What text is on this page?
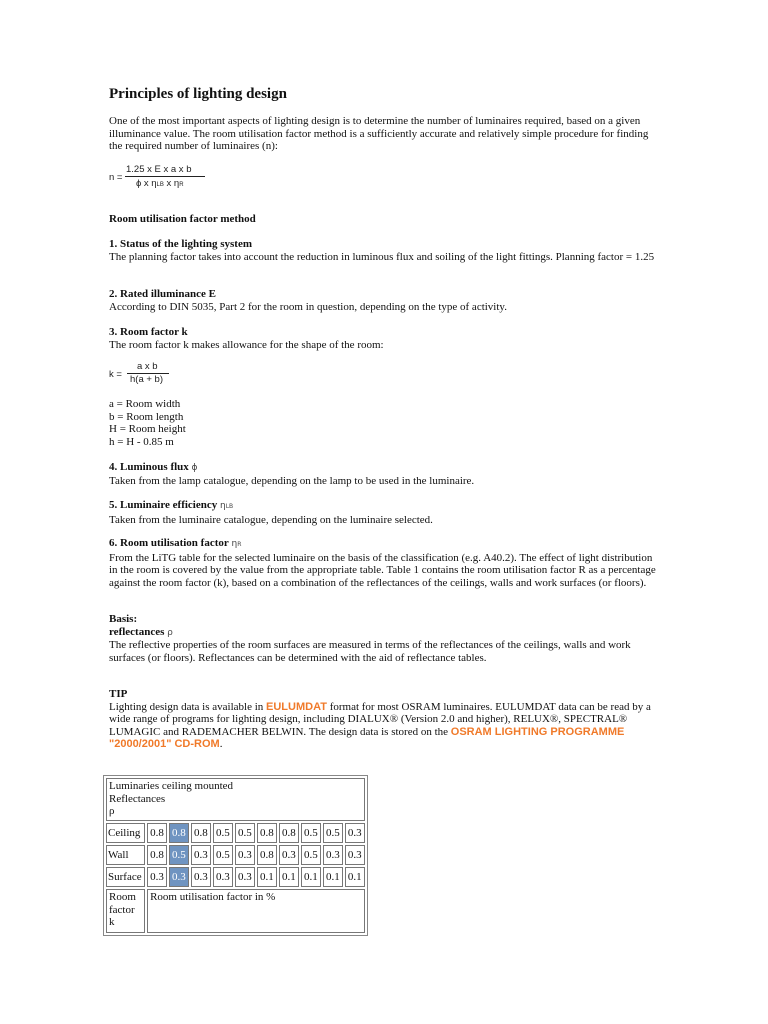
Principles of lighting design
One of the most important aspects of lighting design is to determine the number of luminaires required, based on a given illuminance value. The room utilisation factor method is a sufficiently accurate and relatively simple procedure for finding the required number of luminaires (n):
n =
1.25 x E x a x b
ɸ x ηLB x ηR
Room utilisation factor method
1. Status of the lighting system
The planning factor takes into account the reduction in luminous flux and soiling of the light fittings. Planning factor = 1.25
2. Rated illuminance E
According to DIN 5035, Part 2 for the room in question, depending on the type of activity.
3. Room factor k
The room factor k makes allowance for the shape of the room:
k =
a x b
h(a + b)
a = Room width
b = Room length
H = Room height
h = H - 0.85 m
4. Luminous flux ɸ
Taken from the lamp catalogue, depending on the lamp to be used in the luminaire.
5. Luminaire efficiency ηLB
Taken from the luminaire catalogue, depending on the luminaire selected.
6. Room utilisation factor ηR
From the LiTG table for the selected luminaire on the basis of the classification (e.g. A40.2). The effect of light distribution in the room is covered by the value from the appropriate table. Table 1 contains the room utilisation factor R as a percentage against the room factor (k), based on a combination of the reflectances of the ceilings, walls and work surfaces (or floors).
Basis:
reflectances ρ
The reflective properties of the room surfaces are measured in terms of the reflectances of the ceilings, walls and work surfaces (or floors). Reflectances can be determined with the aid of reflectance tables.
TIP
Lighting design data is available in EULUMDAT format for most OSRAM luminaires. EULUMDAT data can be read by a wide range of programs for lighting design, including DIALUX® (Version 2.0 and higher), RELUX®, SPECTRAL® LUMAGIC and RADEMACHER BELWIN. The design data is stored on the OSRAM LIGHTING PROGRAMME "2000/2001" CD-ROM.
Luminaries ceiling mounted
Reflectances
ρ										

Ceiling	0.8	0.8	0.8	0.5	0.5	0.8	0.8	0.5	0.5	0.3
Wall	0.8	0.5	0.3	0.5	0.3	0.8	0.3	0.5	0.3	0.3
Surface	0.3	0.3	0.3	0.3	0.3	0.1	0.1	0.1	0.1	0.1

Room
factor
k	Room utilisation factor in %									
